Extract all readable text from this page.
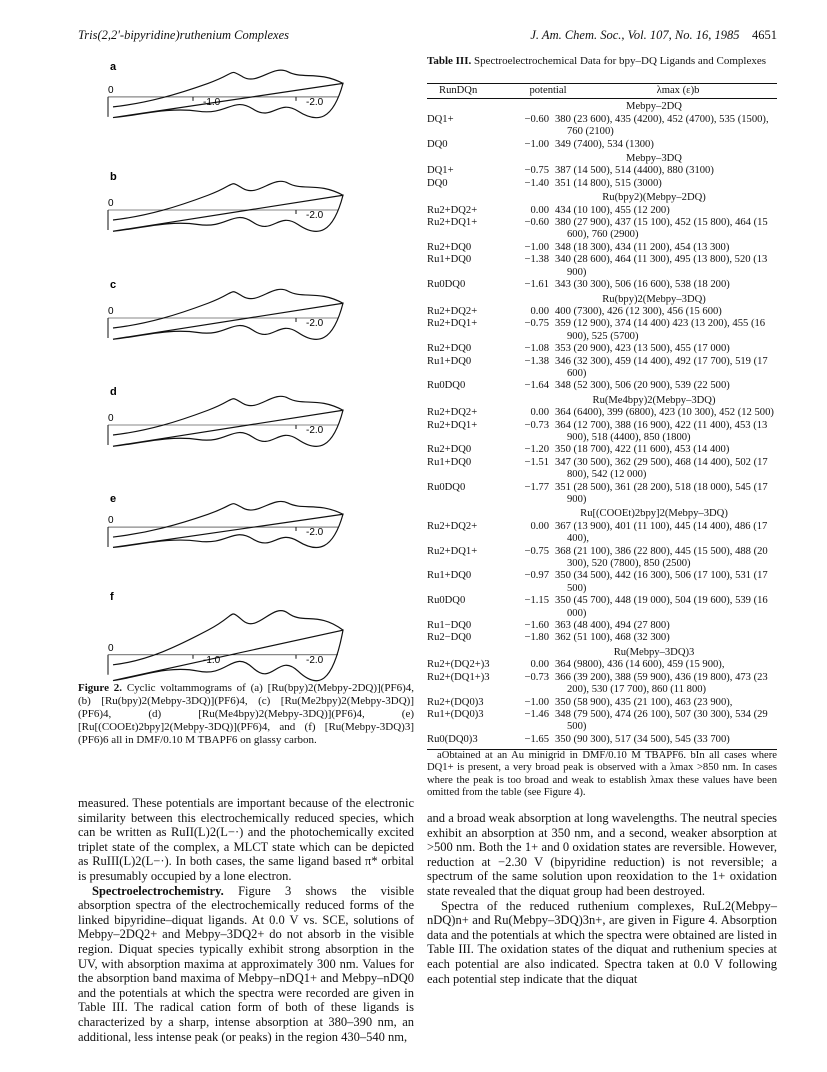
Tris(2,2'-bipyridine)ruthenium Complexes	J. Am. Chem. Soc., Vol. 107, No. 16, 1985 4651
a
0
-1.0	-2.0
b
0
-2.0
c
0
-2.0
d
0
-2.0
e
0
-2.0
f
0
-1.0	-2.0
Figure 2. Cyclic voltammograms of (a) [Ru(bpy)2(Mebpy-2DQ)](PF6)4, (b) [Ru(bpy)2(Mebpy-3DQ)](PF6)4, (c) [Ru(Me2bpy)2(Mebpy-3DQ)](PF6)4, (d) [Ru(Me4bpy)2(Mebpy-3DQ)](PF6)4, (e) [Ru[(COOEt)2bpy]2(Mebpy-3DQ)](PF6)4, and (f) [Ru(Mebpy-3DQ)3](PF6)6 all in DMF/0.10 M TBAPF6 on glassy carbon.

measured. These potentials are important because of the electronic similarity between this electrochemically reduced species, which can be written as RuII(L)2(L−·) and the photochemically excited triplet state of the complex, a MLCT state which can be depicted as RuIII(L)2(L−·). In both cases, the same ligand based π* orbital is presumably occupied by a lone electron.

Spectroelectrochemistry. Figure 3 shows the visible absorption spectra of the electrochemically reduced forms of the linked bipyridine–diquat ligands. At 0.0 V vs. SCE, solutions of Mebpy–2DQ2+ and Mebpy–3DQ2+ do not absorb in the visible region. Diquat species typically exhibit strong absorption in the UV, with absorption maxima at approximately 300 nm. Values for the absorption band maxima of Mebpy–nDQ1+ and Mebpy–nDQ0 and the potentials at which the spectra were recorded are given in Table III. The radical cation form of both of these ligands is characterized by a sharp, intense absorption at 380–390 nm, an additional, less intense peak (or peaks) in the region 430–540 nm,

Table III. Spectroelectrochemical Data for bpy–DQ Ligands and Complexes
RunDQn	potential	λmax (ε)b
Mebpy–2DQ
DQ1+	−0.60 380 (23 600), 435 (4200), 452 (4700), 535 (1500), 760 (2100)
DQ0	−1.00 349 (7400), 534 (1300)
Mebpy–3DQ
DQ1+	−0.75 387 (14 500), 514 (4400), 880 (3100)
DQ0	−1.40 351 (14 800), 515 (3000)
Ru(bpy2)(Mebpy–2DQ)
Ru2+DQ2+	0.00 434 (10 100), 455 (12 200)
Ru2+DQ1+	−0.60 380 (27 900), 437 (15 100), 452 (15 800), 464 (15 600), 760 (2900)
Ru2+DQ0	−1.00 348 (18 300), 434 (11 200), 454 (13 300)
Ru1+DQ0	−1.38 340 (28 600), 464 (11 300), 495 (13 800), 520 (13 900)
Ru0DQ0	−1.61 343 (30 300), 506 (16 600), 538 (18 200)
Ru(bpy)2(Mebpy–3DQ)
Ru2+DQ2+	0.00 400 (7300), 426 (12 300), 456 (15 600)
Ru2+DQ1+	−0.75 359 (12 900), 374 (14 400) 423 (13 200), 455 (16 900), 525 (5700)
Ru2+DQ0	−1.08 353 (20 900), 423 (13 500), 455 (17 000)
Ru1+DQ0	−1.38 346 (32 300), 459 (14 400), 492 (17 700), 519 (17 600)
Ru0DQ0	−1.64 348 (52 300), 506 (20 900), 539 (22 500)
Ru(Me4bpy)2(Mebpy–3DQ)
Ru2+DQ2+	0.00 364 (6400), 399 (6800), 423 (10 300), 452 (12 500)
Ru2+DQ1+	−0.73 364 (12 700), 388 (16 900), 422 (11 400), 453 (13 900), 518 (4400), 850 (1800)
Ru2+DQ0	−1.20 350 (18 700), 422 (11 600), 453 (14 400)
Ru1+DQ0	−1.51 347 (30 500), 362 (29 500), 468 (14 400), 502 (17 800), 542 (12 000)
Ru0DQ0	−1.77 351 (28 500), 361 (28 200), 518 (18 000), 545 (17 900)
Ru[(COOEt)2bpy]2(Mebpy–3DQ)
Ru2+DQ2+	0.00 367 (13 900), 401 (11 100), 445 (14 400), 486 (17 400),
Ru2+DQ1+	−0.75 368 (21 100), 386 (22 800), 445 (15 500), 488 (20 300), 520 (7800), 850 (2500)
Ru1+DQ0	−0.97 350 (34 500), 442 (16 300), 506 (17 100), 531 (17 500)
Ru0DQ0	−1.15 350 (45 700), 448 (19 000), 504 (19 600), 539 (16 000)
Ru1−DQ0	−1.60 363 (48 400), 494 (27 800)
Ru2−DQ0	−1.80 362 (51 100), 468 (32 300)
Ru(Mebpy–3DQ)3
Ru2+(DQ2+)3	0.00 364 (9800), 436 (14 600), 459 (15 900),
Ru2+(DQ1+)3	−0.73 366 (39 200), 388 (59 900), 436 (19 800), 473 (23 200), 530 (17 700), 860 (11 800)
Ru2+(DQ0)3	−1.00 350 (58 900), 435 (21 100), 463 (23 900),
Ru1+(DQ0)3	−1.46 348 (79 500), 474 (26 100), 507 (30 300), 534 (29 500)
Ru0(DQ0)3	−1.65 350 (90 300), 517 (34 500), 545 (33 700)

aObtained at an Au minigrid in DMF/0.10 M TBAPF6. bIn all cases where DQ1+ is present, a very broad peak is observed with a λmax >850 nm. In cases where the peak is too broad and weak to establish λmax these values have been omitted from the table (see Figure 4).

and a broad weak absorption at long wavelengths. The neutral species exhibit an absorption at 350 nm, and a second, weaker absorption at >500 nm. Both the 1+ and 0 oxidation states are reversible. However, reduction at −2.30 V (bipyridine reduction) is not reversible; a spectrum of the same solution upon reoxidation to the 1+ oxidation state revealed that the diquat group had been destroyed.

Spectra of the reduced ruthenium complexes, RuL2(Mebpy–nDQ)n+ and Ru(Mebpy–3DQ)3n+, are given in Figure 4. Absorption data and the potentials at which the spectra were obtained are listed in Table III. The oxidation states of the diquat and ruthenium species at each potential are also indicated. Spectra taken at 0.0 V following each potential step indicate that the diquat
